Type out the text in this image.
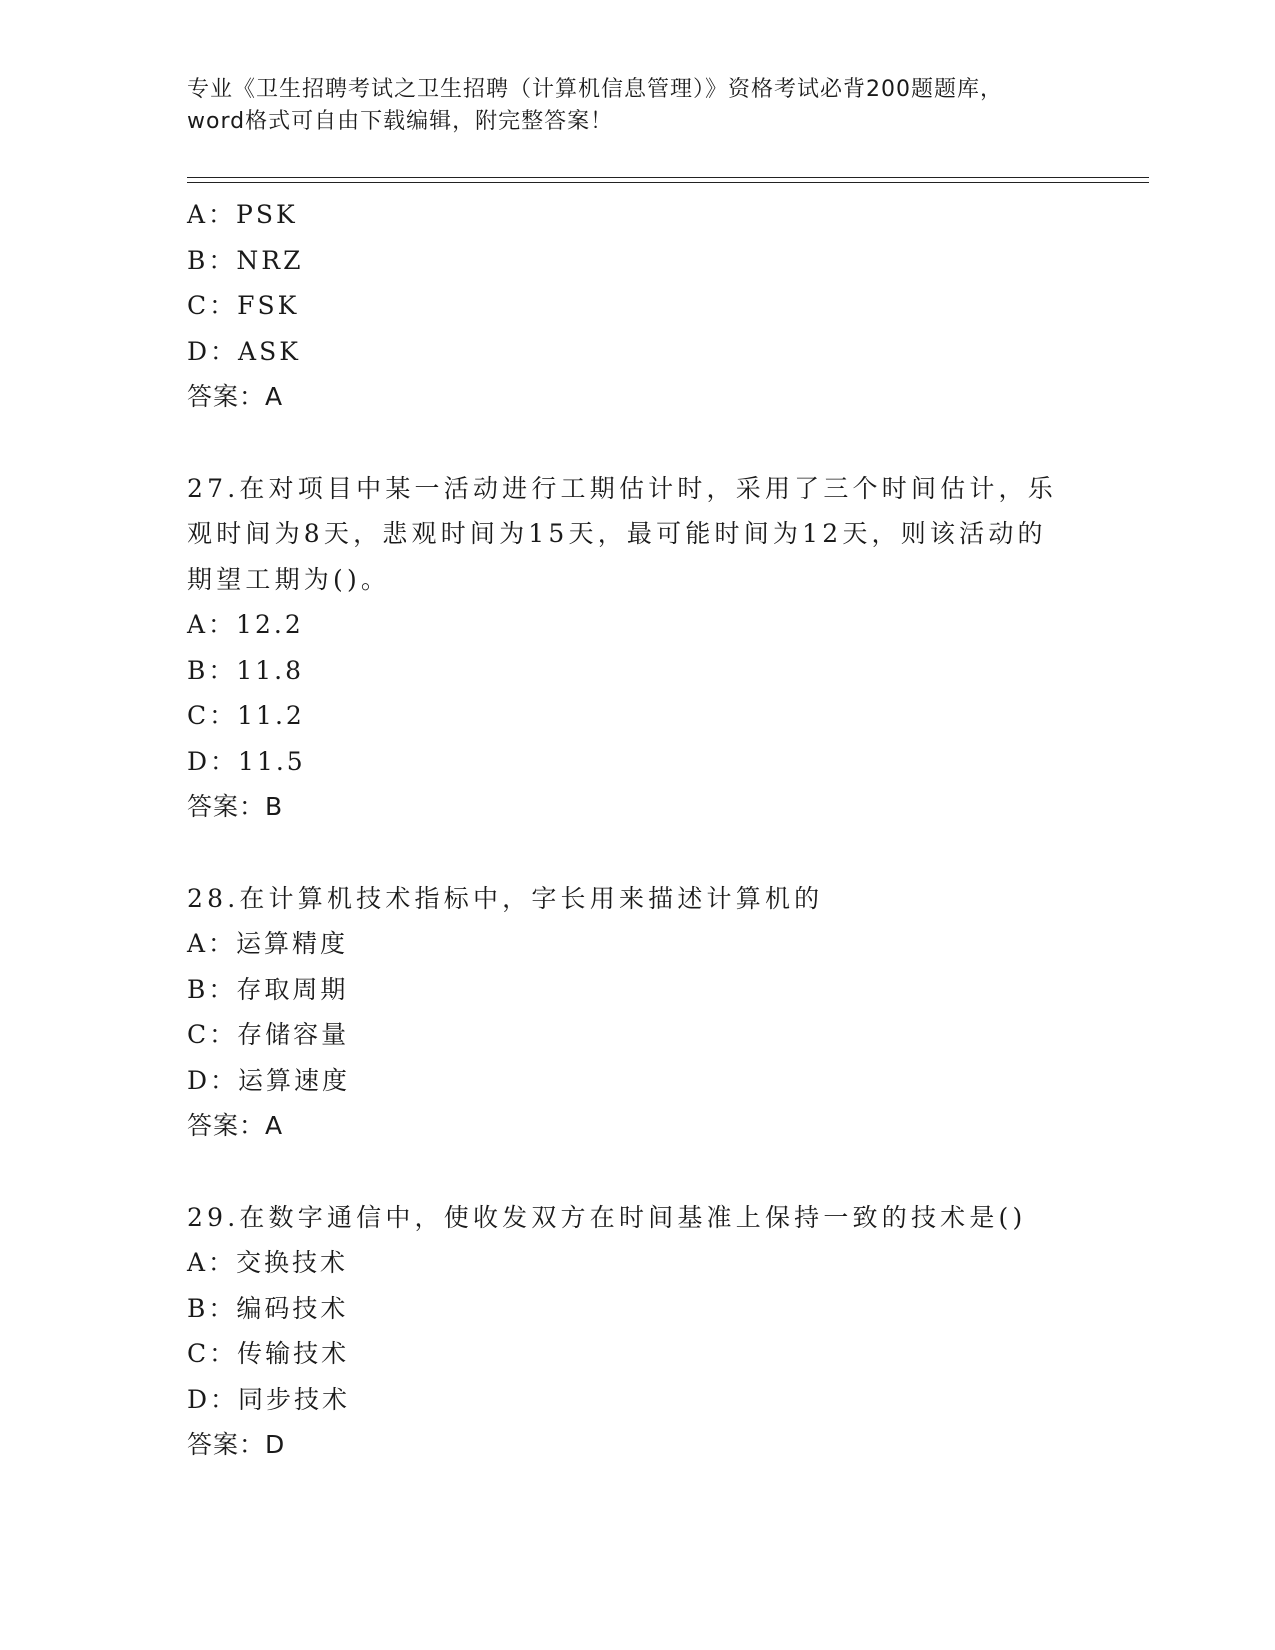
专业《卫生招聘考试之卫生招聘（计算机信息管理）》资格考试必背200题题库，
word格式可自由下载编辑，附完整答案！
A：PSK
B：NRZ
C：FSK
D：ASK
答案：A
27.在对项目中某一活动进行工期估计时，采用了三个时间估计，乐观时间为8天，悲观时间为15天，最可能时间为12天，则该活动的期望工期为()。
A：12.2
B：11.8
C：11.2
D：11.5
答案：B
28.在计算机技术指标中，字长用来描述计算机的
A：运算精度
B：存取周期
C：存储容量
D：运算速度
答案：A
29.在数字通信中，使收发双方在时间基准上保持一致的技术是()
A：交换技术
B：编码技术
C：传输技术
D：同步技术
答案：D
